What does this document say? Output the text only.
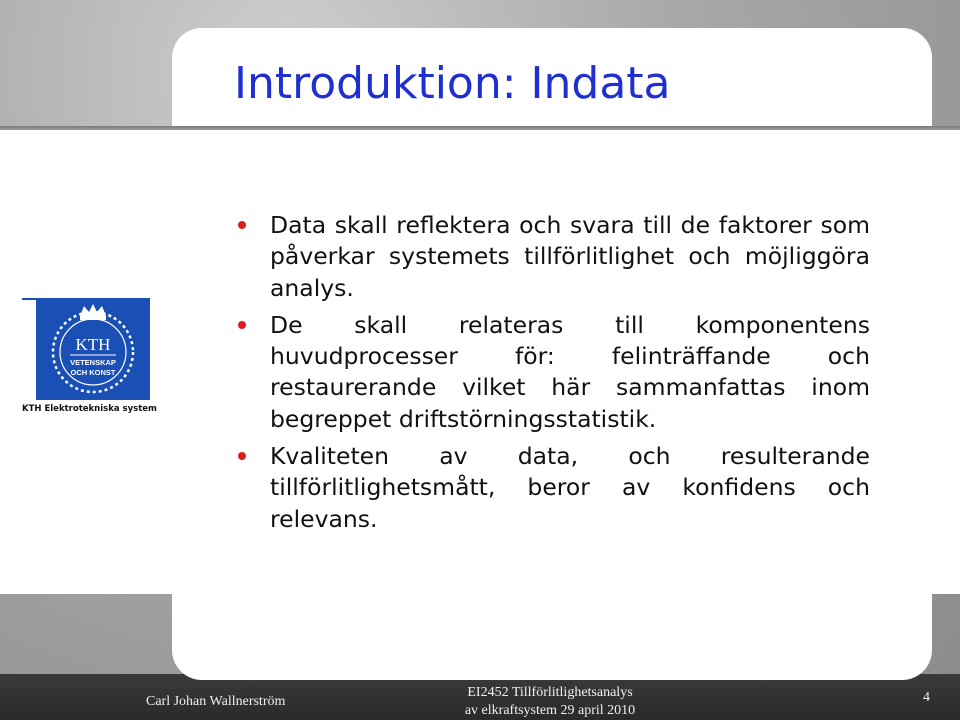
Introduktion: Indata
KTH
VETENSKAP
OCH KONST
KTH Elektrotekniska system
Data skall reflektera och svara till de faktorer som påverkar systemets tillförlitlighet och möjliggöra analys.
De skall relateras till komponentens huvudprocesser för: felinträffande och restaurerande vilket här sammanfattas inom begreppet driftstörningsstatistik.
Kvaliteten av data, och resulterande tillförlitlighetsmått, beror av konfidens och relevans.
Carl Johan Wallnerström
EI2452 Tillförlitlighetsanalys
av elkraftsystem 29 april 2010
4
